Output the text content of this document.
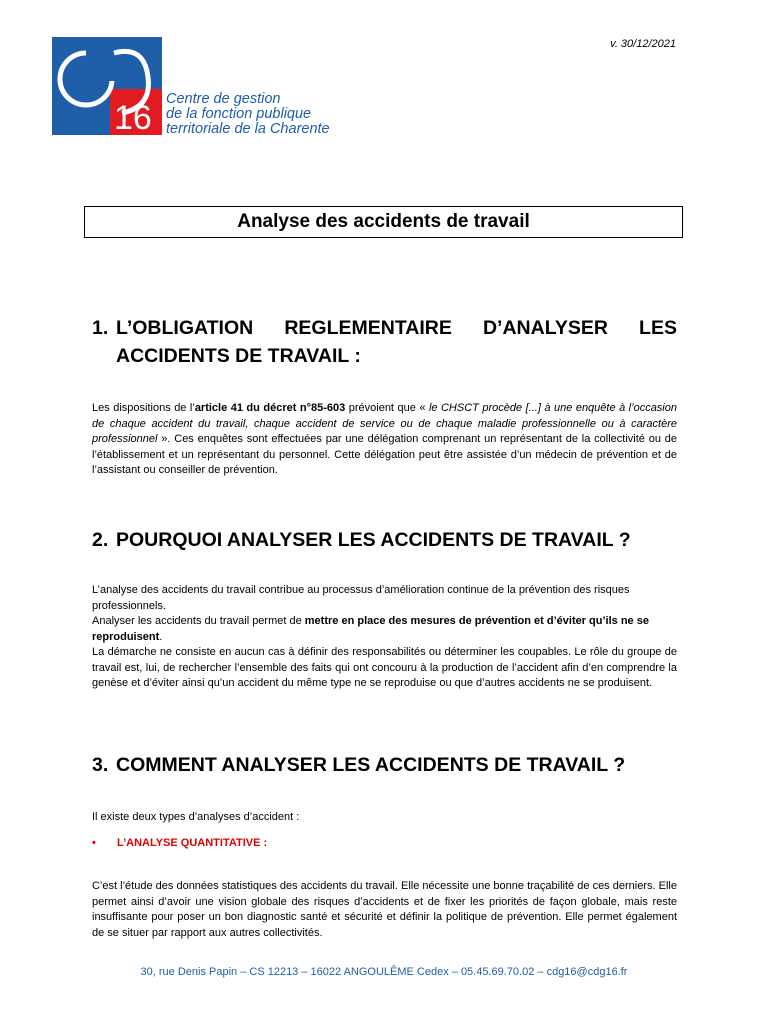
16 Centre de gestion
de la fonction publique
territoriale de la Charente
v. 30/12/2021
Analyse des accidents de travail
1. L’OBLIGATION REGLEMENTAIRE D’ANALYSER LES
ACCIDENTS DE TRAVAIL :
Les dispositions de l’article 41 du décret n°85-603 prévoient que « le CHSCT procède [...] à une enquête à l’occasion de chaque accident du travail, chaque accident de service ou de chaque maladie professionnelle ou à caractère professionnel ». Ces enquêtes sont effectuées par une délégation comprenant un représentant de la collectivité ou de l’établissement et un représentant du personnel. Cette délégation peut être assistée d’un médecin de prévention et de l’assistant ou conseiller de prévention.
2. POURQUOI ANALYSER LES ACCIDENTS DE TRAVAIL ?
L’analyse des accidents du travail contribue au processus d’amélioration continue de la prévention des risques professionnels.
Analyser les accidents du travail permet de mettre en place des mesures de prévention et d’éviter qu’ils ne se reproduisent.
La démarche ne consiste en aucun cas à définir des responsabilités ou déterminer les coupables. Le rôle du groupe de travail est, lui, de rechercher l’ensemble des faits qui ont concouru à la production de l’accident afin d’en comprendre la genèse et d’éviter ainsi qu’un accident du même type ne se reproduise ou que d’autres accidents ne se produisent.
3. COMMENT ANALYSER LES ACCIDENTS DE TRAVAIL ?
Il existe deux types d’analyses d’accident :
• L’ANALYSE QUANTITATIVE :
C’est l’étude des données statistiques des accidents du travail. Elle nécessite une bonne traçabilité de ces derniers. Elle permet ainsi d’avoir une vision globale des risques d’accidents et de fixer les priorités de façon globale, mais reste insuffisante pour poser un bon diagnostic santé et sécurité et définir la politique de prévention. Elle permet également de se situer par rapport aux autres collectivités.
30, rue Denis Papin – CS 12213 – 16022 ANGOULÊME Cedex – 05.45.69.70.02 – cdg16@cdg16.fr
